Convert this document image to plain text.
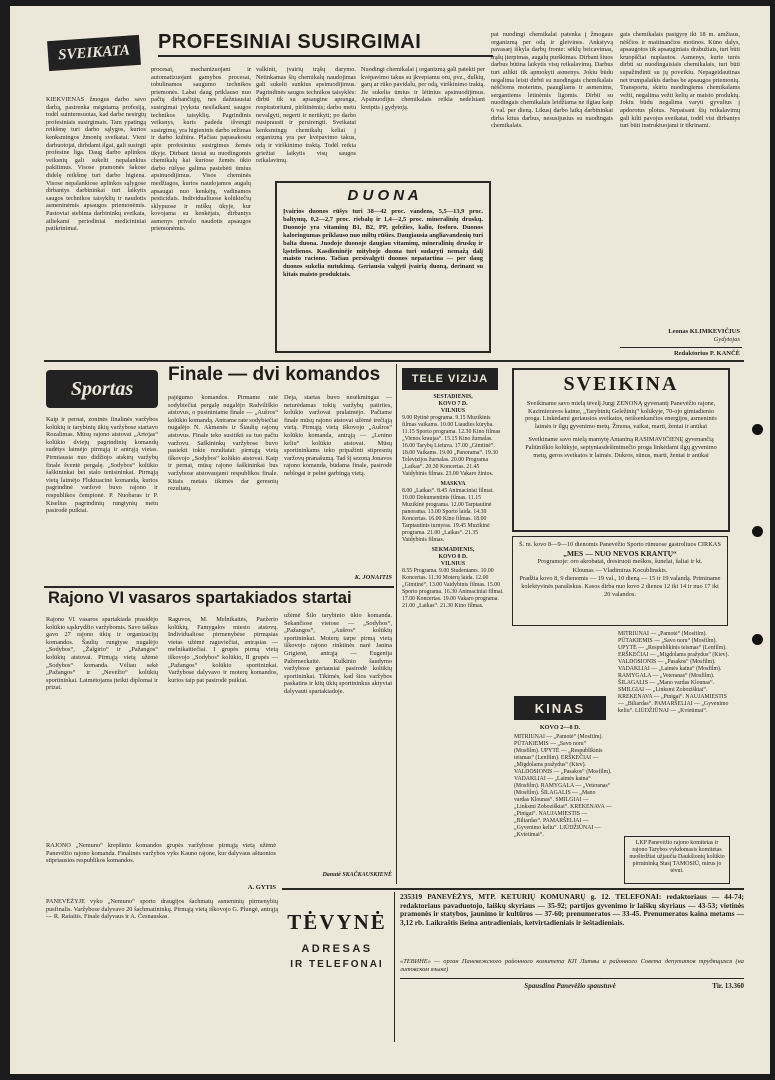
SVEIKATA PROFESINIAI SUSIRGIMAI

KIEKVIENAS žmogus darbo savo darbą, pasirenka mėgstamą profesiją, todėl suinteresuotas, kad darbe nesirgtų profesiniais susirgimais. Tam ypatingą reikšmę turi darbo sąlygos, kurios kenksmingos žmonių sveikatai. Vieni darbuotojai, dirbdami ilgai, gali susirgti profesine liga. Daug darbo aplinkos veiksnių gali sukelti nepalankius pakitimus. Visose pramonės šakose didelę reikšmę turi darbo higiena. Visose nepalankiose aplinkos sąlygose dirbantys darbininkai turi laikytis saugos technikos taisyklių ir naudotis asmeninėmis apsaugos priemonėmis. Pastoviai stebima darbininkų sveikata, atliekami periodiniai medicininiai patikrinimai.

procesai, mechanizuojant ir automatizuojant gamybos procesai, tobulinamos saugumo technikos priemonės. Labai daug priklauso nuo pačių dirbančiųjų, nes dažniausiai susirgimai įvyksta nesilaikant saugos technikos taisyklių. Pagrindinis veiksnys, kuris padeda išvengti susirgimų, yra higieninis darbo režimas ir darbo kultūra. Plačiau papasakosiu apie profesinius susirgimus žemės ūkyje. Dirbant tiesiai su nuodingomis chemikalų kai kuriose žemės ūkio darbo rūšyse galima pastebėti ūmius apsinuodijimus. Visos cheminės medžiagos, kurios naudojamos augalų apsaugai nuo kenkėjų, vadinamos pesticidais. Individualiuose kolūkiečių sklypuose ir miškų ūkyje, kur kovojama su kenkėjais, dirbantys asmenys privalo naudotis apsaugos priemonėmis.

valkinti, įvairių trąšų darymo. Netinkamas šių chemikalų naudojimas gali sukelti sunkius apsinuodijimus. Pagrindinės saugos technikos taisyklės: dirbti tik su apsaugine apranga, respiratoriumi, pirštinėmis; darbo metu nevalgyti, negerti ir nerūkyti; po darbo nusiprausti ir persirengti. Sveikatai kenksmingų chemikalų keliai į organizmą yra per kvėpavimo takus, odą ir virškinimo traktą. Todėl reikia griežtai laikytis visų saugos reikalavimų.

Nuodingi chemikalai į organizmą gali patekti per kvėpavimo takus su įkvepiamu oru, pvz., dulkių, garų ar rūko pavidalu, per odą, virškinimo traktą. Jie sukelia ūmius ir lėtinius apsinuodijimus. Apsinuodijus chemikalais reikia nedelsiant kreiptis į gydytoją.

pat nuodingi chemikalai patenka į žmogaus organizmą per odą ir gleivines. Ankstyvą pavasarį iškyla darbų fronte: sėklų beicavimas, trąšų įterpimas, augalų purškimas. Dirbant šiuos darbus būtina laikytis visų reikalavimų. Darbus turi atlikti tik apmokyti asmenys. Jokiu būdu negalima leisti dirbti su nuodingais chemikalais nėščioms moterims, paaugliams ir asmenims, sergantiems lėtinėmis ligomis. Dirbti su nuodingais chemikalais leidžiama ne ilgiau kaip 6 val. per dieną. Likusį darbo laiką darbininkai dirba kitus darbus, nesusijusius su nuodingais chemikalais.

gais chemikalais pasigyrę iki 18 m. amžiaus, nėščios ir maitinančios motinos. Kūno dalys, apsaugotos tik apsauginiais drabužiais, turi būti kruopščiai nuplautos. Asmenys, kurie turės dirbti su nuodingaisiais chemikalais, turi būti supažindinti su jų poveikiu. Nepageidautinas net trumpalaikis darbas be apsaugos priemonių. Transportu, skirtu nuodingiems chemikalams vežti, negalima vežti kelių ar maisto produktų. Jokiu būdu negalima varyti gyvulius į apdorotus plotus. Nepaisant šių reikalavimų gali kilti pavojus sveikatai, todėl visi dirbantys turi būti instruktuojami ir tikrinami.

Leonas KLIMKEVIČIUS
Gydytojas
Redaktorius P. KANČĖ
D U O N A

Įvairios duonos rūšys turi 38—42 proc. vandens, 5,5—13,9 proc. baltymų, 0,2—2,7 proc. riebalų ir 1,4—2,5 proc. mineralinių druskų. Duonoje yra vitaminų B1, B2, PP, geležies, kalio, fosforo. Duonos kaloringumas priklauso nuo miltų rūšies. Daugiausia angliavandenių turi balta duona. Juodoje duonoje daugiau vitaminų, mineralinių druskų ir ląstelienos. Kasdieninėje mityboje duona turi sudaryti nemažą dalį maisto raciono. Tačiau persivalgyti duonos nepatartina — per daug duonos sukelia nutukimą. Geriausia valgyti įvairią duoną, derinant su kitais maisto produktais.

Sportas
Finale — dvi komandos

Kaip ir pernai, zoninės finalinės varžybos kolūkių ir tarybinių ūkių varžybose startavo Rozalimas. Mūsų rajono atstovai „Artojas“ kolūkio dviejų pagrindinių komandų sudėtys laimėjo pirmąją ir antrąją vietas. Pirmiausia nuo didžiojo atskirų varžybų finale šventė pergalę. „Sodybos“ kolūkio šaškininkai bei stalo tenisininkai. Pirmąją vietą laimėjo Fluktuacinė komanda, kurios pagrindinė varžovė buvo rajono ir respublikos čempionė. P. Nuobaras ir P. Kiselius pagrindinių rungtynių metu pasirodė puikiai.

pajėgumo komandos. Pirmame rate sodybiečiai pergalę nugalėjo Radviliškio atstovus, o pusininiame finale — „Aušros“ kolūkio komandą. Antrame rate sodybiečiai nugalėjo N. Akmenės ir Šiaulių rajonų atstovus. Finale teko susitikti su tuo pačiu varžovu. Saškininkų varžybose buvo pasiekti tokie rezultatai: pirmąją vietą iškovojo „Sodybos“ kolūkio atstovai. Kaip ir pernai, mūsų rajono šaškininkai bus varžybose atstovaujami respublikos finale. Kitais metais tikimės dar geresnių rezultatų.

Deja, startas buvo nesėkmingas — neturėdamas tokių varžybų patirties, kolūkio varžovai pralaimėjo. Pačiame finale mūsų rajono atstovai užėmė trečiąją vietą. Pirmąją vietą iškovojo „Aušros“ kolūkio komanda, antrąją — „Lenino keliu“ kolūkio atstovai. Mūsų sportininkams teko pripažinti stipresnių varžovų pranašumą. Tad šį sezoną Jonavos rajono komanda, būdama finale, pasirodė neblogai ir pelnė garbingą vietą.

K. JONAITIS
Rajono VI vasaros spartakiados startai

Rajono VI vasaros spartakiada prasidėjo kolūkio sąskrydžio varžybomis. Savo taškus gavo 27 rajono ūkių ir organizacijų komandos. Šaulių rungtyse nugalėjo „Sodybos“, „Žalgirio“ ir „Pažangos“ kolūkių atstovai. Pirmąją vietą užėmė „Sodybos“ komanda. Vėliau sekė „Pažangos“ ir „Nevėžio“ kolūkių sportininkai. Laimėtojams įteikti diplomai ir prizai.

Raguvos, M. Melnikaitės, Paežerio kolūkių, Famygalos miesto atstovų. Individualiose pirmenybėse pirmąsias vietas užėmė raguviečiai, antrąsias — melnikaitiečiai. I grupės pirmą vietą iškovojo „Sodybos“ kolūkio, II grupės — „Pažangos“ kolūkio sportininkai. Varžybose dalyvavo ir moterų komandos, kurios taip pat pasirodė puikiai.

užėmė Šilo tarybinio ūkio komanda. Sekančiose vietose — „Sodybos“, „Pažangos“, „Aušros“ kolūkių sportininkai. Moterų tarpe pirmą vietą iškovojo rajono rinktinės narė Janina Grigienė, antrąją — Eugenija Pažemeckaitė. Kulkinio šaudymo varžybose geriausiai pasirodė kolūkių sportininkai. Tikimės, kad šios varžybos paskatins ir kitų ūkių sportininkus aktyviai dalyvauti spartakiadoje.

Danutė SKAČKAUSKIENĖ

RAJONO „Nemuno“ krepšinio komandos grupės varžybose pirmąją vietą užėmė Panevėžio rajono komanda. Finalinės varžybos vyks Kauno rajone, kur dalyvaus aštuonios stipriausios respublikos komandos.

A. GYTIS

PANEVĖŽYJE vyko „Nemuno“ sporto draugijos šachmatų asmeninių pirmenybių pusfinalis. Varžybose dalyvavo 20 šachmatininkų. Pirmąją vietą iškovojo G. Plungė, antrąją — R. Rafaitis. Finale dalyvaus ir A. Česnauskas.

TELE VIZIJA
ŠEŠTADIENIS,
KOVO 7 D.
VILNIUS

9.00 Rytinė programa. 9.15 Muzikinis filmas vaikams. 10.00 Liaudies kūryba. 11.15 Sporto programa. 12.30 Kino filmas „Vienos kraujas“. 15.15 Kino žurnalas. 16.00 Tarybų Lietuva. 17.00 „Gimtinė“. 18.00 Vaikams. 19.00 „Panorama“. 19.30 Televizijos žurnalas. 20.00 Programa „Laikas“. 20.30 Koncertas. 21.45 Vaidybinis filmas. 23.00 Vakaro žinios.

MASKVA

8.00 „Laikas“. 8.45 Animaciniai filmai. 10.00 Dokumentinis filmas. 11.15 Muzikinė programa. 12.00 Tarptautinė panorama. 13.00 Sporto laida. 14.30 Koncertas. 16.00 Kino filmas. 18.00 Tarptautinis turnyras. 19.45 Muzikinė programa. 21.00 „Laikas“. 21.35 Vaidybinis filmas.

SEKMADIENIS,
KOVO 8 D.
VILNIUS

8.55 Programa. 9.00 Studentams. 10.00 Koncertas. 11.30 Moterų laida. 12.00 „Gimtinė“. 13.00 Vaidybinis filmas. 15.00 Sporto programa. 16.30 Animaciniai filmai. 17.00 Koncertas. 19.00 Vakaro programa. 21.00 „Laikas“. 21.30 Kino filmas.

SVEIKINA

Sveikiname savo mielą tėvelį Jurgį ZENONĄ gyvenantį Panevėžio rajone, Kazimieravos kaime, „Tarybinių Geležinių“ kolūkyje, 70-ojo gimtadienio proga. Linkėdami geriausios sveikatos, neišsenkančios energijos, asmeninės laimės ir ilgų gyvenimo metų. Žmona, vaikai, marti, žentai ir anūkai

Sveikiname savo mielą mamytę Antaniną RASIMAVIČIENĘ gyvenančią Paliūniškio kolūkyje, septyniasdešimtmečio proga linkėdami ilgų gyvenimo metų, geros sveikatos ir laimės. Dukros, sūnus, marti, žentai ir anūkai

Š. m. kovo 8—9—10 dienomis Panevėžio Sporto rūmuose gastroliuos CIRKAS

„MES — NUO NEVOS KRANTŲ“

Programoje: oro akrobatai, dresiruoti meškos, šunelai, šaliai ir kt.

Klounas — Vladimiras Kocublinskis.

Pradžia kovo 8, 9 dienomis — 19 val., 10 dieną — 15 ir 19 valandą. Priminame kolektyvinės parašiskus. Kasos dirba nuo kovo 2 dienos 12 iki 14 ir nuo 17 iki 20 valandos.

KINAS
KOVO 2—8 D.

MITRIUNAI — „Pamotė“ (Mosfilm). PŪTAKIEMIS — „Savo noru“ (Mosfilm). UPYTĖ — „Respublikinis teismas“ (Lenfilm). ERŠKEČIAI — „Migdolams pražydus“ (Kiev). VALDOSIONIS — „Pasakos“ (Mosfilm). VADAKLIAI — „Laimės kaina“ (Mosfilm). RAMYGALA — „Veteranas“ (Mosfilm). ŠILAGALIS — „Mano vardas Klounas“. SMILGIAI — „Linksmi Zoboziškiai“. KREKENAVA — „Pinigai“. NAUJAMIESTIS — „Biliardas“. PAMARŠELIAI — „Gyvenimo keliu“. LIŪDŽIŪNAI — „Kvietimai“.

MITRIUNAI — „Pamotė“ (Mosfilm). PŪTAKIEMIS — „Savo noru“ (Mosfilm). UPYTĖ — „Respublikinis teismas“ (Lenfilm). ERŠKEČIAI — „Migdolams pražydus“ (Kiev). VALDOSIONIS — „Pasakos“ (Mosfilm). VADAKLIAI — „Laimės kaina“ (Mosfilm). RAMYGALA — „Veteranas“ (Mosfilm). ŠILAGALIS — „Mano vardas Klounas“. SMILGIAI — „Linksmi Zoboziškiai“. KREKENAVA — „Pinigai“. NAUJAMIESTIS — „Biliardas“. PAMARŠELIAI — „Gyvenimo keliu“. LIŪDŽIŪNAI — „Kvietimai“.

LKP Panevėžio rajono komitetas ir rajono Tarybos vykdomasis komitetas nuoširdžiai užjaučia Daukšionių kolūkio pirmininką Stasį TAMOSIŪ, mirus jo tėvui.

TĖVYNĖ
ADRESAS
IR TELEFONAI

235319 PANEVĖŽYS, MTP. KETURIŲ KOMUNARŲ g. 12. TELEFONAI: redaktoriaus — 44-74; redaktoriaus pavaduotojo, laiškų skyriaus — 35-92; partijos gyvenimo ir laiškų skyriaus — 43-53; vietinės pramonės ir statybos, jaunimo ir kultūros — 37-60; prenumeratos — 33-45. Prenumeratos kaina metams — 3,12 rb. Laikraštis išeina antradieniais, ketvirtadieniais ir šeštadieniais.

«ТЕВИНЕ» — орган Паневежского районного комитета КП Литвы и районного Совета депутатов трудящихся (на литовском языке)

Spausdina Panevėžio spaustuvė	Tir. 13.360
